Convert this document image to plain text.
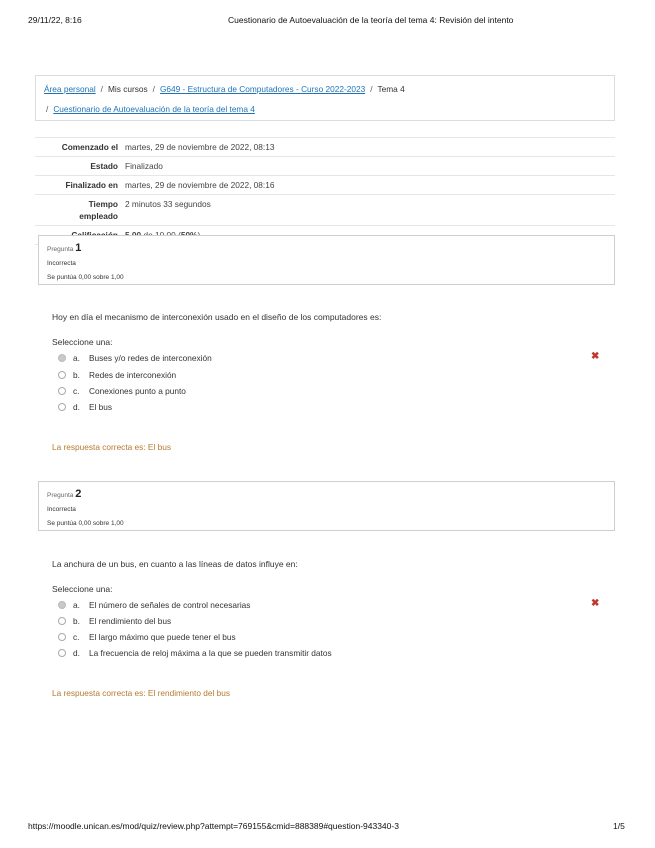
29/11/22, 8:16	Cuestionario de Autoevaluación de la teoría del tema 4: Revisión del intento
Área personal / Mis cursos / G649 - Estructura de Computadores - Curso 2022-2023 / Tema 4
/ Cuestionario de Autoevaluación de la teoría del tema 4
Comenzado el martes, 29 de noviembre de 2022, 08:13
Estado Finalizado
Finalizado en martes, 29 de noviembre de 2022, 08:16
Tiempo
empleado
2 minutos 33 segundos
Pregunta 1
Incorrecta
Se puntúa 0,00 sobre 1,00
Hoy en día el mecanismo de interconexión usado en el diseño de los computadores es:
Seleccione una:
a.	Buses y/o redes de interconexión	✖
b.	Redes de interconexión
c.	Conexiones punto a punto
d.	El bus
La respuesta correcta es: El bus
Pregunta 2
Incorrecta
Se puntúa 0,00 sobre 1,00
La anchura de un bus, en cuanto a las líneas de datos influye en:
Seleccione una:
a.	El número de señales de control necesarias	✖
b.	El rendimiento del bus
c.	El largo máximo que puede tener el bus
d.	La frecuencia de reloj máxima a la que se pueden transmitir datos
La respuesta correcta es: El rendimiento del bus
https://moodle.unican.es/mod/quiz/review.php?attempt=769155&cmid=888389#question-943340-3	1/5
